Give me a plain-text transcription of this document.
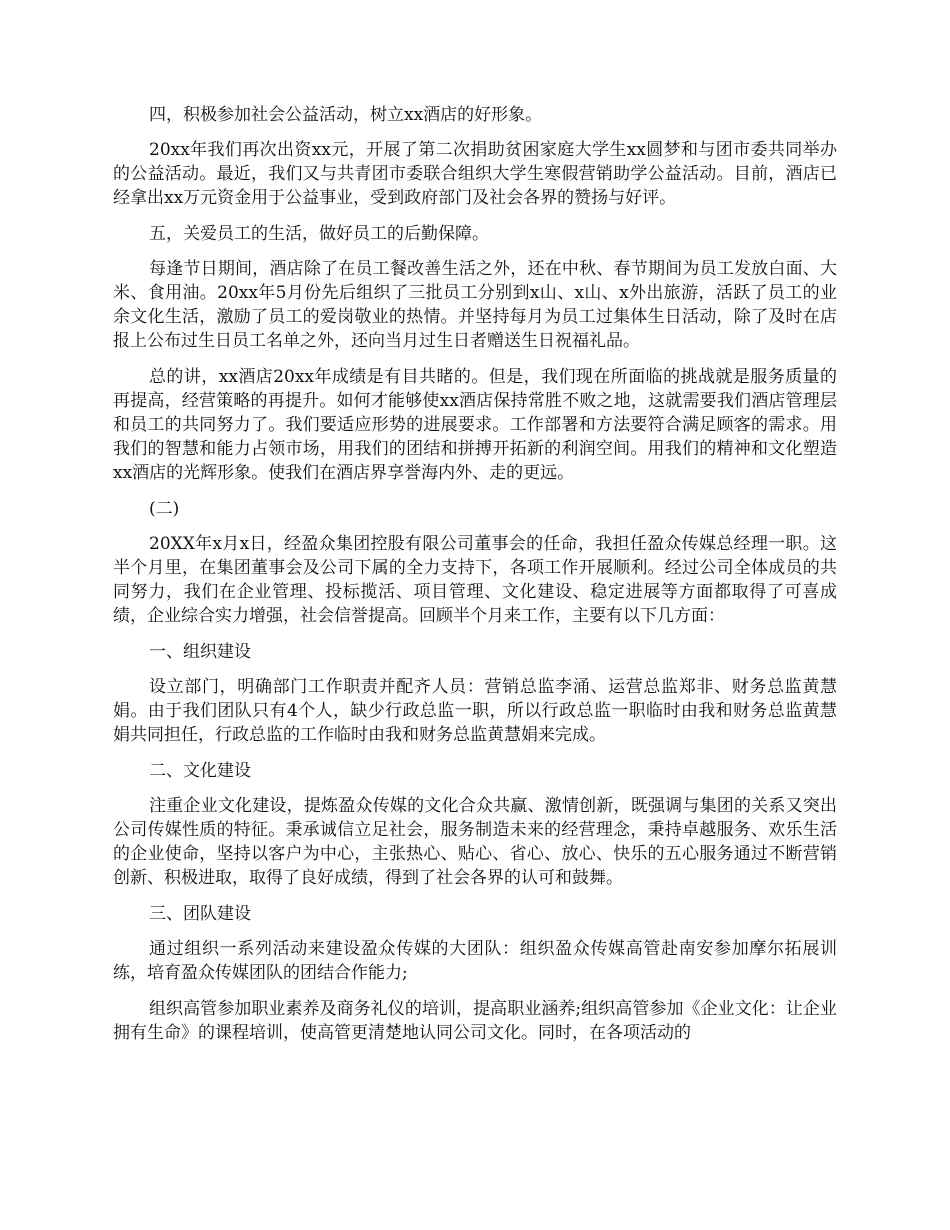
四，积极参加社会公益活动，树立xx酒店的好形象。

20xx年我们再次出资xx元，开展了第二次捐助贫困家庭大学生xx圆梦和与团市委共同举办的公益活动。最近，我们又与共青团市委联合组织大学生寒假营销助学公益活动。目前，酒店已经拿出xx万元资金用于公益事业，受到政府部门及社会各界的赞扬与好评。

五，关爱员工的生活，做好员工的后勤保障。

每逢节日期间，酒店除了在员工餐改善生活之外，还在中秋、春节期间为员工发放白面、大米、食用油。20xx年5月份先后组织了三批员工分别到x山、x山、x外出旅游，活跃了员工的业余文化生活，激励了员工的爱岗敬业的热情。并坚持每月为员工过集体生日活动，除了及时在店报上公布过生日员工名单之外，还向当月过生日者赠送生日祝福礼品。

总的讲，xx酒店20xx年成绩是有目共睹的。但是，我们现在所面临的挑战就是服务质量的再提高，经营策略的再提升。如何才能够使xx酒店保持常胜不败之地，这就需要我们酒店管理层和员工的共同努力了。我们要适应形势的进展要求。工作部署和方法要符合满足顾客的需求。用我们的智慧和能力占领市场，用我们的团结和拼搏开拓新的利润空间。用我们的精神和文化塑造xx酒店的光辉形象。使我们在酒店界享誉海内外、走的更远。

(二)

20XX年x月x日，经盈众集团控股有限公司董事会的任命，我担任盈众传媒总经理一职。这半个月里，在集团董事会及公司下属的全力支持下，各项工作开展顺利。经过公司全体成员的共同努力，我们在企业管理、投标揽活、项目管理、文化建设、稳定进展等方面都取得了可喜成绩，企业综合实力增强，社会信誉提高。回顾半个月来工作，主要有以下几方面：

一、组织建设

设立部门，明确部门工作职责并配齐人员：营销总监李涌、运营总监郑非、财务总监黄慧娟。由于我们团队只有4个人，缺少行政总监一职，所以行政总监一职临时由我和财务总监黄慧娟共同担任，行政总监的工作临时由我和财务总监黄慧娟来完成。

二、文化建设

注重企业文化建设，提炼盈众传媒的文化合众共赢、激情创新，既强调与集团的关系又突出公司传媒性质的特征。秉承诚信立足社会，服务制造未来的经营理念，秉持卓越服务、欢乐生活的企业使命，坚持以客户为中心，主张热心、贴心、省心、放心、快乐的五心服务通过不断营销创新、积极进取，取得了良好成绩，得到了社会各界的认可和鼓舞。

三、团队建设

通过组织一系列活动来建设盈众传媒的大团队：组织盈众传媒高管赴南安参加摩尔拓展训练，培育盈众传媒团队的团结合作能力;

组织高管参加职业素养及商务礼仪的培训，提高职业涵养;组织高管参加《企业文化：让企业拥有生命》的课程培训，使高管更清楚地认同公司文化。同时，在各项活动的
